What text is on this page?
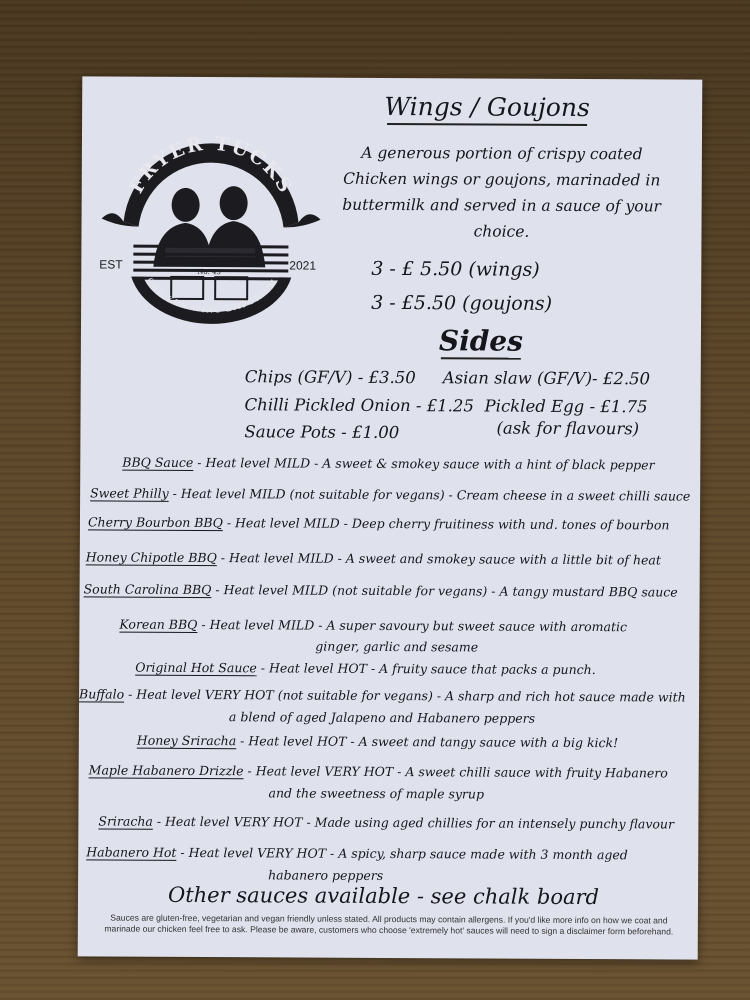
FRYER TUCKS
EST	2021
No. 43
CHICKEN WING EMPORIUM
Wings / Goujons
A generous portion of crispy coated Chicken wings or goujons, marinaded in buttermilk and served in a sauce of your choice.
3 - £ 5.50 (wings)
3 - £5.50 (goujons)
Sides
Chips (GF/V) - £3.50 Asian slaw (GF/V)- £2.50
Chilli Pickled Onion - £1.25 Pickled Egg - £1.75
Sauce Pots - £1.00	(ask for flavours)
BBQ Sauce - Heat level MILD - A sweet & smokey sauce with a hint of black pepper
Sweet Philly - Heat level MILD (not suitable for vegans) - Cream cheese in a sweet chilli sauce
Cherry Bourbon BBQ - Heat level MILD - Deep cherry fruitiness with und. tones of bourbon
Honey Chipotle BBQ - Heat level MILD - A sweet and smokey sauce with a little bit of heat
South Carolina BBQ - Heat level MILD (not suitable for vegans) - A tangy mustard BBQ sauce
Korean BBQ - Heat level MILD - A super savoury but sweet sauce with aromatic
ginger, garlic and sesame
Original Hot Sauce - Heat level HOT - A fruity sauce that packs a punch.
Buffalo - Heat level VERY HOT (not suitable for vegans) - A sharp and rich hot sauce made with
a blend of aged Jalapeno and Habanero peppers
Honey Sriracha - Heat level HOT - A sweet and tangy sauce with a big kick!
Maple Habanero Drizzle - Heat level VERY HOT - A sweet chilli sauce with fruity Habanero
and the sweetness of maple syrup
Sriracha - Heat level VERY HOT - Made using aged chillies for an intensely punchy flavour
Habanero Hot - Heat level VERY HOT - A spicy, sharp sauce made with 3 month aged
habanero peppers
Other sauces available - see chalk board
Sauces are gluten-free, vegetarian and vegan friendly unless stated. All products may contain allergens. If you'd like more info on how we coat and marinade our chicken feel free to ask. Please be aware, customers who choose 'extremely hot' sauces will need to sign a disclaimer form beforehand.
